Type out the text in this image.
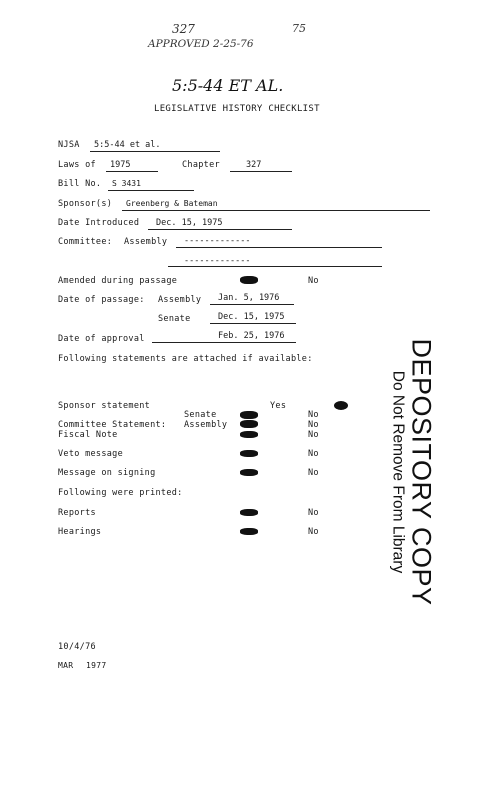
327	75
APPROVED 2-25-76
5:5-44 ET AL.
LEGISLATIVE HISTORY CHECKLIST
NJSA 5:5-44 et al.
Laws of 1975	Chapter	327
Bill No. S 3431
Sponsor(s) Greenberg & Bateman
Date Introduced Dec. 15, 1975
Committee: Assembly -------------
-------------
Amended during passage	No
Date of passage: Assembly Jan. 5, 1976
Senate	Dec. 15, 1975
Date of approval	Feb. 25, 1976
Following statements are attached if available:
Sponsor statement	Yes
Committee Statement: Assembly	No
Senate	No
Fiscal Note	No
Veto message	No
Message on signing	No
Following were printed:
Reports	No
Hearings	No
10/4/76
MAR 1977
DEPOSITORY COPY
Do Not Remove From Library
